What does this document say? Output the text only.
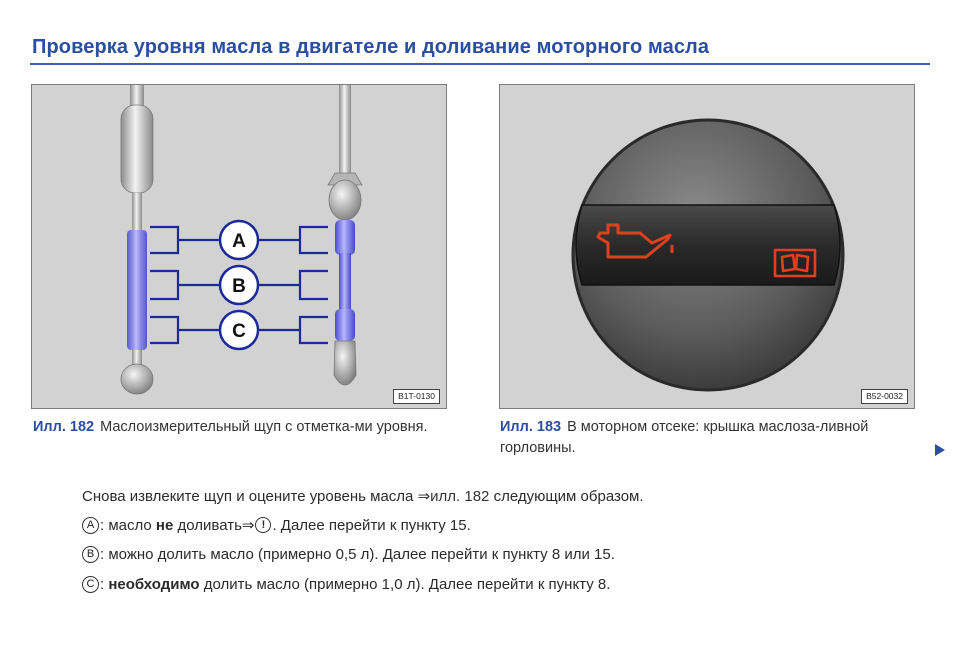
Проверка уровня масла в двигателе и доливание моторного масла
A
B
C
B1T-0130	B52-0032
Илл. 182 Маслоизмерительный щуп с отметка-ми уровня.	Илл. 183 В моторном отсеке: крышка маслоза-ливной горловины.
Снова извлеките щуп и оцените уровень масла ⇒илл. 182 следующим образом.
A : масло не доливать ⇒ ! . Далее перейти к пункту 15.
B : можно долить масло (примерно 0,5 л). Далее перейти к пункту 8 или 15.
C : необходимо долить масло (примерно 1,0 л). Далее перейти к пункту 8.
